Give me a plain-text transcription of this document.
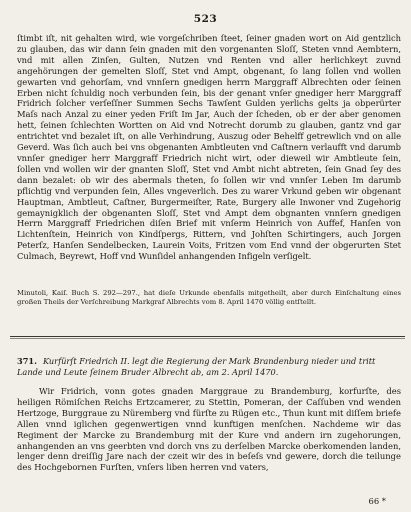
523

ſtimbt iſt, nit gehalten wird, wie vorgeſchriben ſteet, ſeiner gnaden wort on Aid gentzlich zu glauben, das wir dann ſein gnaden mit den vorgenanten Sloſſ, Steten vnnd Aembtern, vnd mit allen Zinſen, Gulten, Nutzen vnd Renten vnd aller herlichkeyt zuvnd angehörungen der gemelten Sloſſ, Stet vnd Ampt, obgenant, ſo lang ſollen vnd wollen gewarten vnd gehorſam, vnd vnnſern gnedigen herrn Marggraff Albrechten oder ſeinen Erben nicht ſchuldig noch verbunden ſein, bis der genant vnſer gnediger herr Marggraff Fridrich ſolcher verſeſſner Summen Sechs Tawſent Gulden yerlichs gelts ja obperürter Maſs nach Anzal zu einer yeden Friſt Im Jar, Auch der ſcheden, ob er der aber genomen hett, ſeinen ſchlechten Wortten on Aid vnd Notrecht dorumb zu glauben, gantz vnd gar entrichtet vnd bezalet iſt, on alle Verhindrung, Auszug oder Behelff getrewlich vnd on alle Geverd. Was ſich auch bei vns obgenanten Ambtleuten vnd Caſtnern verlaufft vnd darumb vnnſer gnediger herr Marggraff Friedrich nicht wirt, oder dieweil wir Ambtleute ſein, ſollen vnd wollen wir der gnanten Sloſſ, Stet vnd Ambt nicht abtreten, ſein Gnad ſey des dann bezalet: ob wir des abermals theten, ſo ſollen wir vnd vnnſer Leben Im darumb pflichtig vnd verpunden ſein, Alles vngeverlich. Des zu warer Vrkund geben wir obgenant Hauptman, Ambtleut, Caſtner, Burgermeiſter, Rate, Burgery alle Inwoner vnd Zugehorig gemaynigklich der obgenanten Sloſſ, Stet vnd Ampt dem obgnanten vnnſern gnedigen Herrn Marggraff Friedrichen diſen Brief mit vnſerm Heinrich von Auffef, Hanſen von Lichtenſtein, Heinrich von Kindſpergs, Rittern, vnd Johſten Schirtingers, auch Jorgen Peterſz, Hanſen Sendelbecken, Laurein Voits, Fritzen vom End vnnd der obgerurten Stet Culmach, Beyrewt, Hoff vnd Wunſidel anhangenden Infigeln verſigelt.

Minutoli, Kaiſ. Buch S. 292—297., hat dieſe Urkunde ebenfalls mitgetheilt, aber durch Einſchaltung eines großen Theils der Verſchreibung Markgraf Albrechts vom 8. April 1470 völlig entſtellt.
371. Kurfürſt Friedrich II. legt die Regierung der Mark Brandenburg nieder und tritt Lande und Leute ſeinem Bruder Albrecht ab, am 2. April 1470.

Wir Fridrich, vonn gotes gnaden Marggraue zu Brandemburg, korfurſte, des heiligen Römiſchen Reichs Ertzcamerer, zu Stettin, Pomeran, der Caſſuben vnd wenden Hertzoge, Burggraue zu Nüremberg vnd fürſte zu Rügen etc., Thun kunt mit diſſem briefe Allen vnnd iglichen gegenwertigen vnnd kunftigen menſchen. Nachdeme wir das Regiment der Marcke zu Brandemburg mit der Kure vnd andern irn zugehorungen, anhangenden an vns geerbten vnd dorch vns zu derſelben Marcke oberkomenden landen, lenger denn dreiſſig Jare nach der czeit wir des in beſeſs vnd gewere, dorch die teilunge des Hochgebornen Furſten, vnſers liben herren vnd vaters,

66 *
